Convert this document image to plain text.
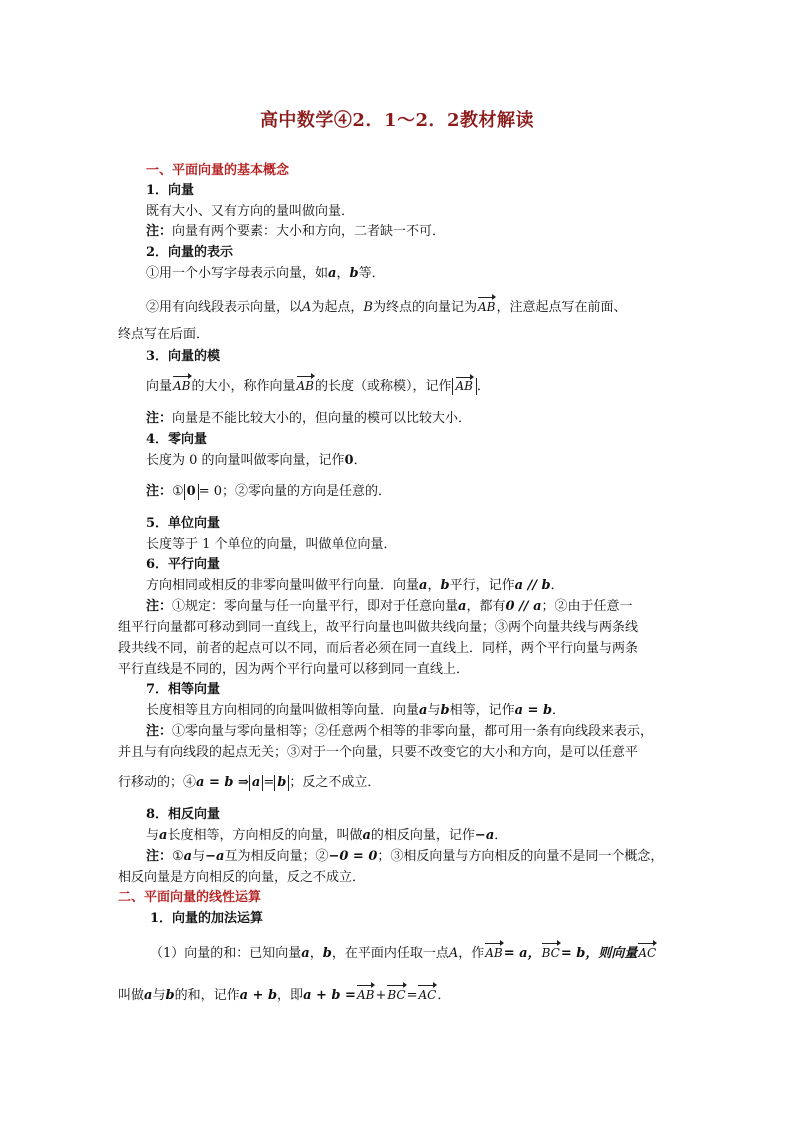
高中数学④2．1～2．2教材解读
一、平面向量的基本概念
1．向量
既有大小、又有方向的量叫做向量．
注：向量有两个要素：大小和方向，二者缺一不可．
2．向量的表示
①用一个小写字母表示向量，如a，b等．
②用有向线段表示向量，以A为起点，B为终点的向量记为AB，注意起点写在前面、
终点写在后面．
3．向量的模
向量AB的大小，称作向量AB的长度（或称模），记作 AB ．
注：向量是不能比较大小的，但向量的模可以比较大小．
4．零向量
长度为 0 的向量叫做零向量，记作0．
注：① 0 = 0；②零向量的方向是任意的．
5．单位向量
长度等于 1 个单位的向量，叫做单位向量．
6．平行向量
方向相同或相反的非零向量叫做平行向量．向量a，b平行，记作a // b．
注：①规定：零向量与任一向量平行，即对于任意向量a，都有0 // a；②由于任意一
组平行向量都可移动到同一直线上，故平行向量也叫做共线向量；③两个向量共线与两条线
段共线不同，前者的起点可以不同，而后者必须在同一直线上．同样，两个平行向量与两条
平行直线是不同的，因为两个平行向量可以移到同一直线上．
7．相等向量
长度相等且方向相同的向量叫做相等向量．向量a与b相等，记作a = b．
注：①零向量与零向量相等；②任意两个相等的非零向量，都可用一条有向线段来表示，
并且与有向线段的起点无关；③对于一个向量，只要不改变它的大小和方向，是可以任意平
行移动的；④a = b ⇒ a = b ；反之不成立．
8．相反向量
与a长度相等，方向相反的向量，叫做a的相反向量，记作−a．
注：①a与−a互为相反向量；②−0 = 0；③相反向量与方向相反的向量不是同一个概念，
相反向量是方向相反的向量，反之不成立．
二、平面向量的线性运算
1．向量的加法运算
（1）向量的和：已知向量a，b，在平面内任取一点A，作AB= a，BC= b，则向量AC
叫做a与b的和，记作a + b，即a + b =AB+BC=AC．
